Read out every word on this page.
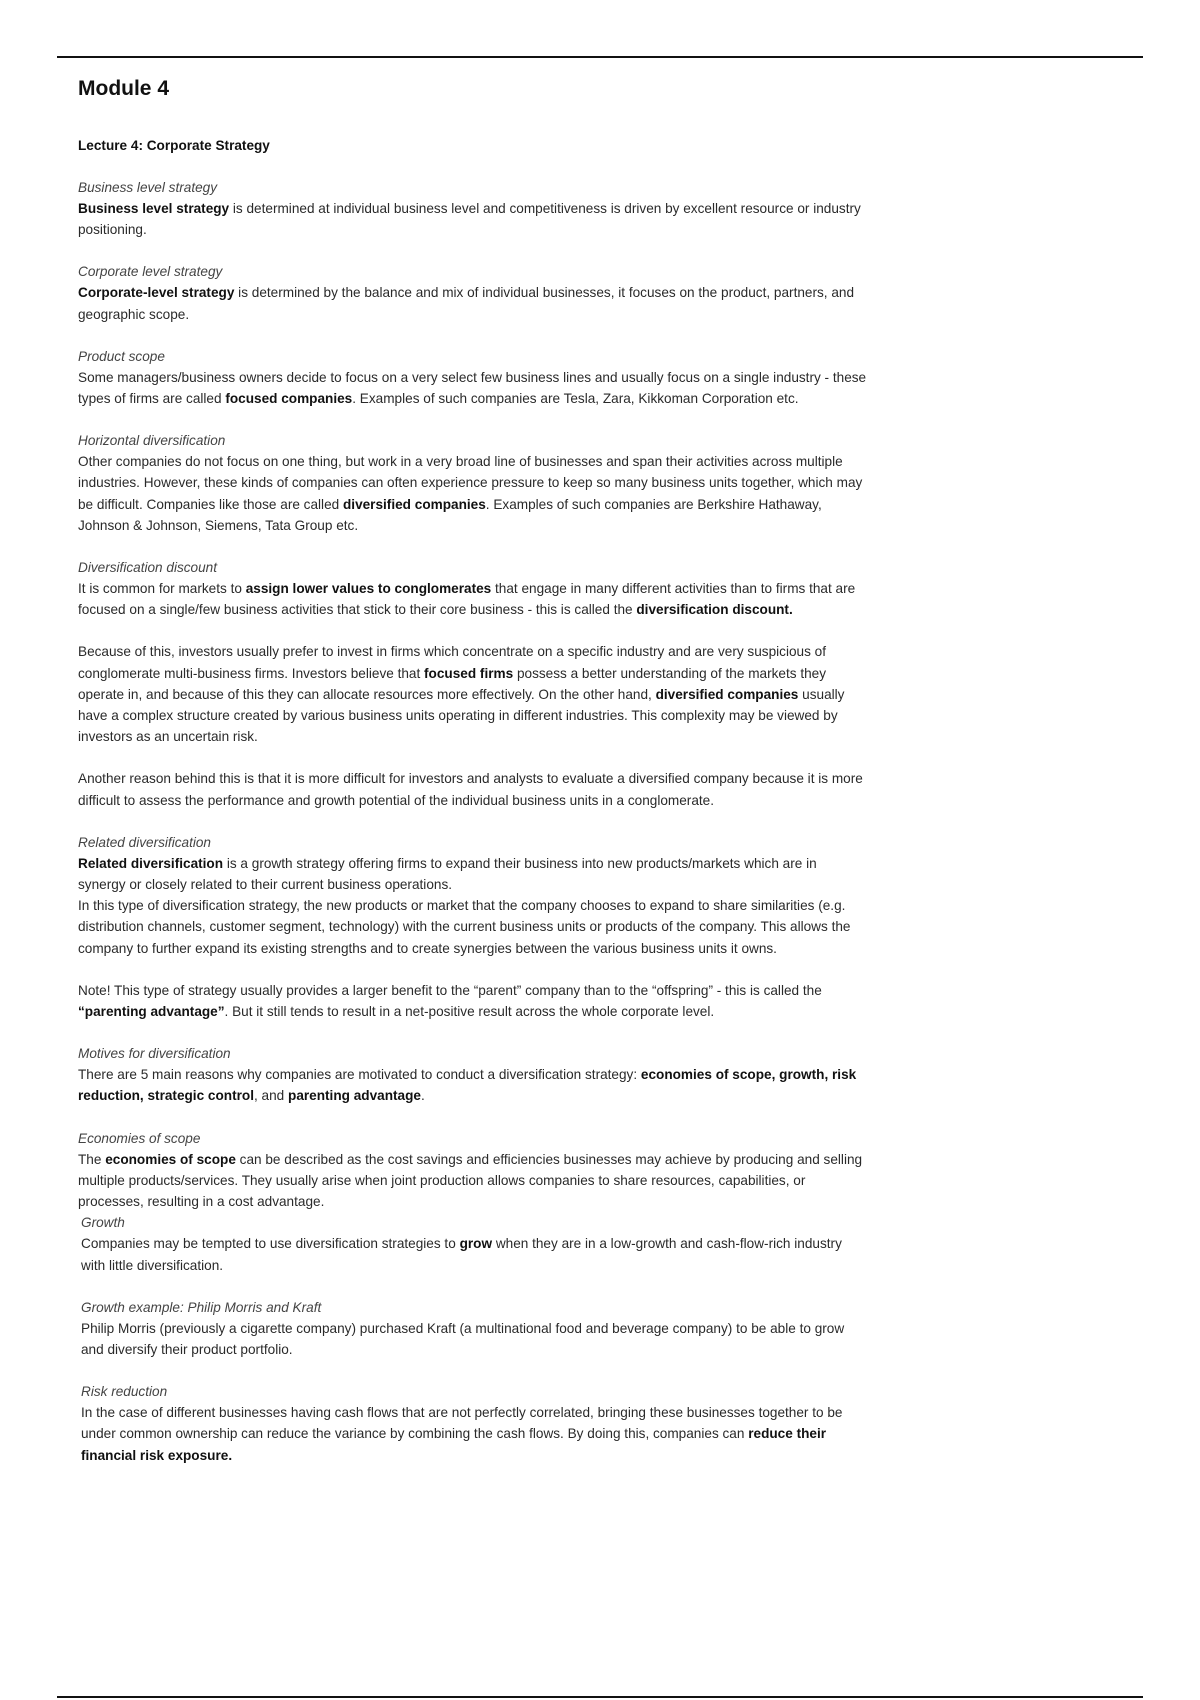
Module 4
Lecture 4: Corporate Strategy

Business level strategy

Business level strategy is determined at individual business level and competitiveness is driven by excellent resource or industry positioning.

Corporate level strategy

Corporate-level strategy is determined by the balance and mix of individual businesses, it focuses on the product, partners, and geographic scope.

Product scope

Some managers/business owners decide to focus on a very select few business lines and usually focus on a single industry - these types of firms are called focused companies. Examples of such companies are Tesla, Zara, Kikkoman Corporation etc.

Horizontal diversification

Other companies do not focus on one thing, but work in a very broad line of businesses and span their activities across multiple industries. However, these kinds of companies can often experience pressure to keep so many business units together, which may be difficult. Companies like those are called diversified companies. Examples of such companies are Berkshire Hathaway, Johnson & Johnson, Siemens, Tata Group etc.

Diversification discount

It is common for markets to assign lower values to conglomerates that engage in many different activities than to firms that are focused on a single/few business activities that stick to their core business - this is called the diversification discount.

Because of this, investors usually prefer to invest in firms which concentrate on a specific industry and are very suspicious of conglomerate multi-business firms. Investors believe that focused firms possess a better understanding of the markets they operate in, and because of this they can allocate resources more effectively. On the other hand, diversified companies usually have a complex structure created by various business units operating in different industries. This complexity may be viewed by investors as an uncertain risk.

Another reason behind this is that it is more difficult for investors and analysts to evaluate a diversified company because it is more difficult to assess the performance and growth potential of the individual business units in a conglomerate.

Related diversification

Related diversification is a growth strategy offering firms to expand their business into new products/markets which are in synergy or closely related to their current business operations.
In this type of diversification strategy, the new products or market that the company chooses to expand to share similarities (e.g. distribution channels, customer segment, technology) with the current business units or products of the company. This allows the company to further expand its existing strengths and to create synergies between the various business units it owns.

Note! This type of strategy usually provides a larger benefit to the “parent” company than to the “offspring” - this is called the “parenting advantage”. But it still tends to result in a net-positive result across the whole corporate level.

Motives for diversification

There are 5 main reasons why companies are motivated to conduct a diversification strategy: economies of scope, growth, risk reduction, strategic control, and parenting advantage.

Economies of scope

The economies of scope can be described as the cost savings and efficiencies businesses may achieve by producing and selling multiple products/services. They usually arise when joint production allows companies to share resources, capabilities, or processes, resulting in a cost advantage.

Growth

Companies may be tempted to use diversification strategies to grow when they are in a low-growth and cash-flow-rich industry with little diversification.

Growth example: Philip Morris and Kraft

Philip Morris (previously a cigarette company) purchased Kraft (a multinational food and beverage company) to be able to grow and diversify their product portfolio.

Risk reduction

In the case of different businesses having cash flows that are not perfectly correlated, bringing these businesses together to be under common ownership can reduce the variance by combining the cash flows. By doing this, companies can reduce their financial risk exposure.
